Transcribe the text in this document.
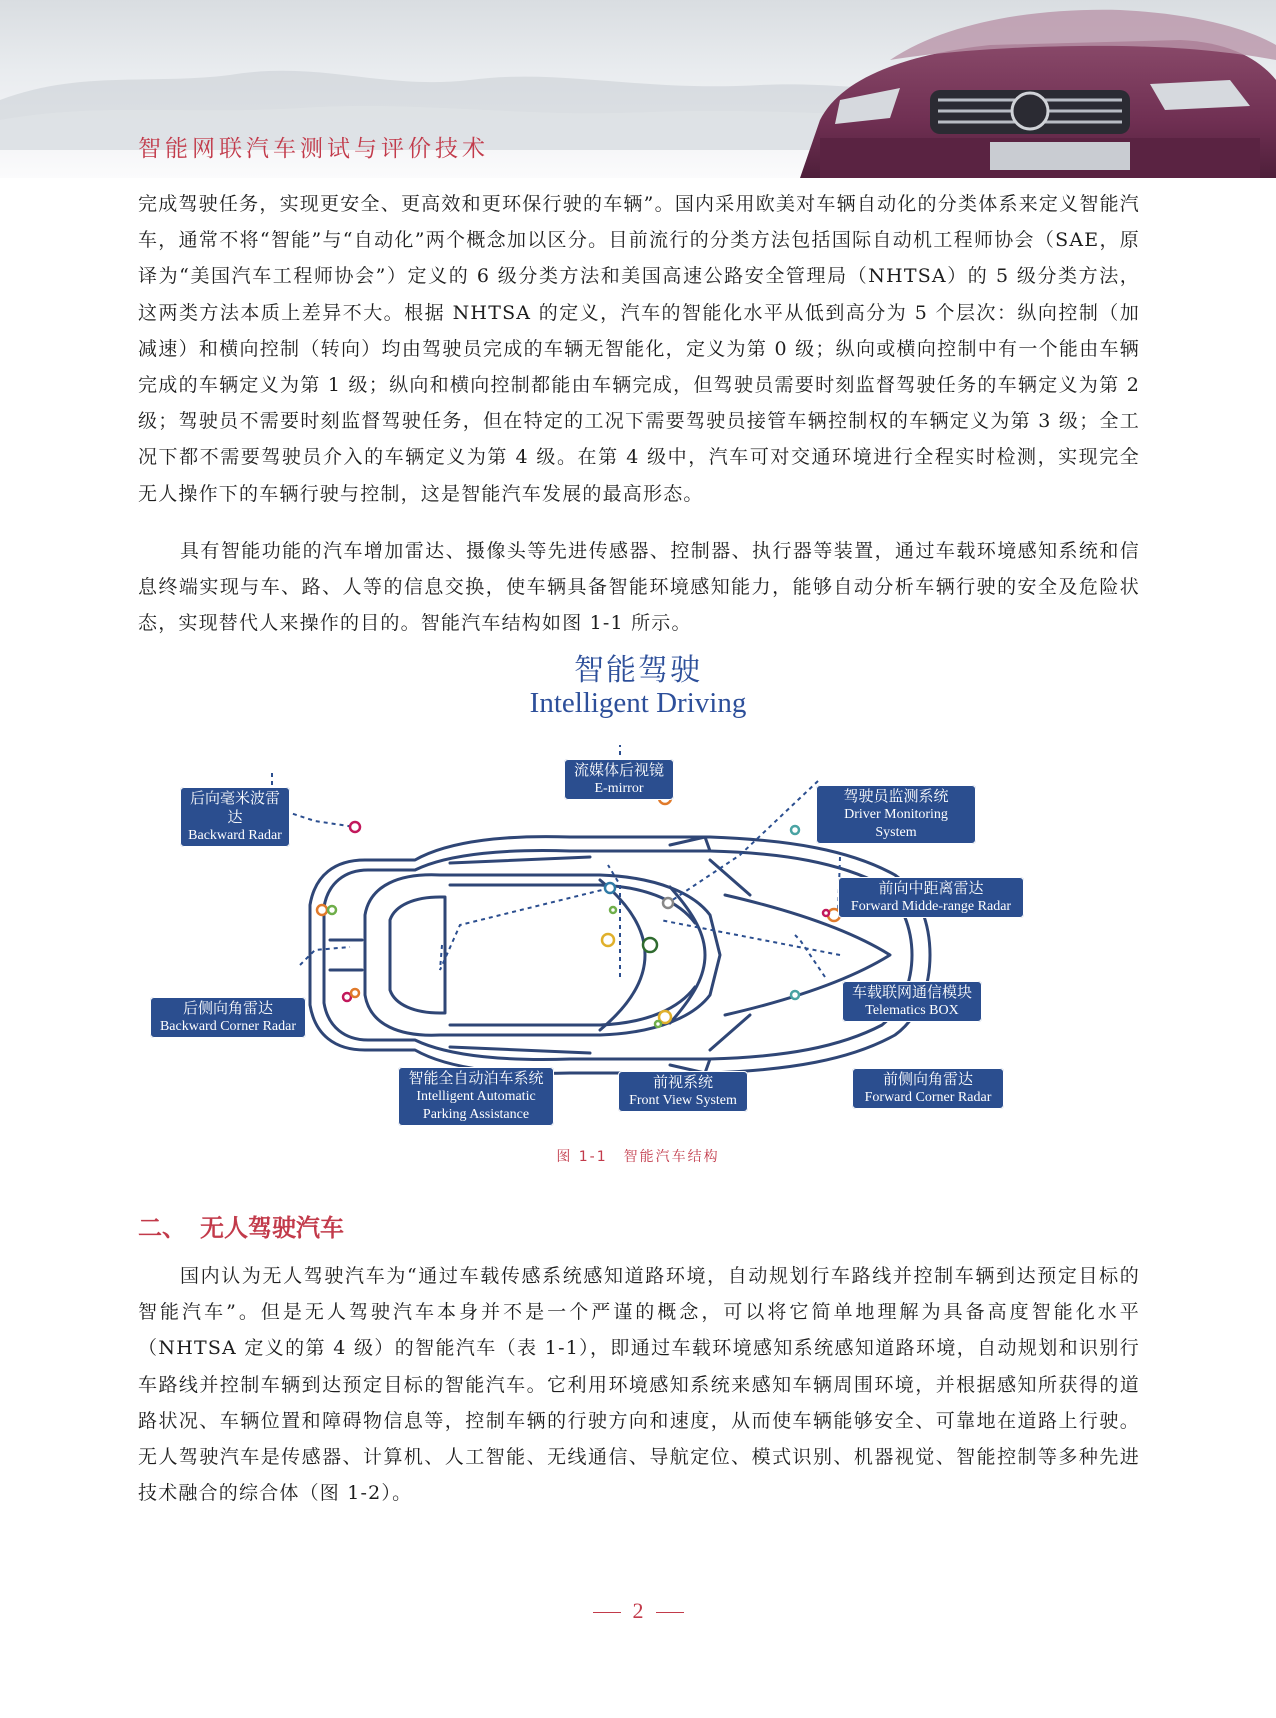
智能网联汽车测试与评价技术

完成驾驶任务，实现更安全、更高效和更环保行驶的车辆”。国内采用欧美对车辆自动化的分类体系来定义智能汽车，通常不将“智能”与“自动化”两个概念加以区分。目前流行的分类方法包括国际自动机工程师协会（SAE，原译为“美国汽车工程师协会”）定义的 6 级分类方法和美国高速公路安全管理局（NHTSA）的 5 级分类方法，这两类方法本质上差异不大。根据 NHTSA 的定义，汽车的智能化水平从低到高分为 5 个层次：纵向控制（加减速）和横向控制（转向）均由驾驶员完成的车辆无智能化，定义为第 0 级；纵向或横向控制中有一个能由车辆完成的车辆定义为第 1 级；纵向和横向控制都能由车辆完成，但驾驶员需要时刻监督驾驶任务的车辆定义为第 2 级；驾驶员不需要时刻监督驾驶任务，但在特定的工况下需要驾驶员接管车辆控制权的车辆定义为第 3 级；全工况下都不需要驾驶员介入的车辆定义为第 4 级。在第 4 级中，汽车可对交通环境进行全程实时检测，实现完全无人操作下的车辆行驶与控制，这是智能汽车发展的最高形态。

具有智能功能的汽车增加雷达、摄像头等先进传感器、控制器、执行器等装置，通过车载环境感知系统和信息终端实现与车、路、人等的信息交换，使车辆具备智能环境感知能力，能够自动分析车辆行驶的安全及危险状态，实现替代人来操作的目的。智能汽车结构如图 1-1 所示。

智能驾驶
Intelligent Driving
后向毫米波雷达
Backward Radar
流媒体后视镜
E-mirror	驾驶员监测系统
Driver Monitoring System
前向中距离雷达
Forward Midde-range Radar
车载联网通信模块
Telematics BOX
后侧向角雷达
Backward Corner Radar
智能全自动泊车系统
Intelligent Automatic
Parking Assistance
前视系统
Front View System
前侧向角雷达
Forward Corner Radar
图 1-1　智能汽车结构
二、 无人驾驶汽车

国内认为无人驾驶汽车为“通过车载传感系统感知道路环境，自动规划行车路线并控制车辆到达预定目标的智能汽车”。但是无人驾驶汽车本身并不是一个严谨的概念，可以将它简单地理解为具备高度智能化水平（NHTSA 定义的第 4 级）的智能汽车（表 1-1），即通过车载环境感知系统感知道路环境，自动规划和识别行车路线并控制车辆到达预定目标的智能汽车。它利用环境感知系统来感知车辆周围环境，并根据感知所获得的道路状况、车辆位置和障碍物信息等，控制车辆的行驶方向和速度，从而使车辆能够安全、可靠地在道路上行驶。无人驾驶汽车是传感器、计算机、人工智能、无线通信、导航定位、模式识别、机器视觉、智能控制等多种先进技术融合的综合体（图 1-2）。

2
